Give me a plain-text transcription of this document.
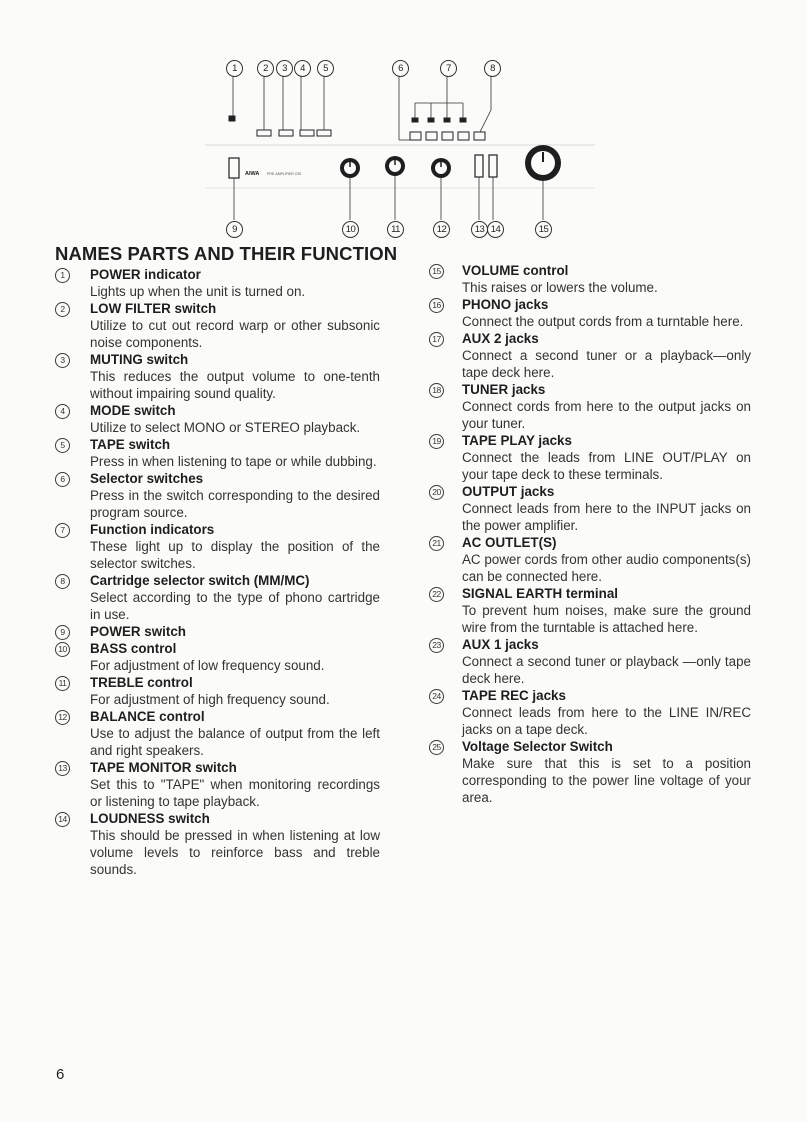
AIWA PRE-AMPLIFIER C50
1	2	3	4	5	6	7	8
9	10	11	12	13 14	15
NAMES PARTS AND THEIR FUNCTION
1	POWER indicator
Lights up when the unit is turned on.
2	LOW FILTER switch
Utilize to cut out record warp or other subsonic noise components.
3	MUTING switch
This reduces the output volume to one-tenth without impairing sound quality.
4	MODE switch
Utilize to select MONO or STEREO playback.
5	TAPE switch
Press in when listening to tape or while dubbing.
6	Selector switches
Press in the switch corresponding to the desired program source.
7	Function indicators
These light up to display the position of the selector switches.
8	Cartridge selector switch (MM/MC)
Select according to the type of phono cartridge in use.
9	POWER switch
10 BASS control
For adjustment of low frequency sound.
11 TREBLE control
For adjustment of high frequency sound.
12 BALANCE control
Use to adjust the balance of output from the left and right speakers.
13 TAPE MONITOR switch
Set this to "TAPE" when monitoring recordings or listening to tape playback.
14 LOUDNESS switch
This should be pressed in when listening at low volume levels to reinforce bass and treble sounds.
15 VOLUME control
This raises or lowers the volume.
16 PHONO jacks
Connect the output cords from a turntable here.
17 AUX 2 jacks
Connect a second tuner or a playback—only tape deck here.
18 TUNER jacks
Connect cords from here to the output jacks on your tuner.
19 TAPE PLAY jacks
Connect the leads from LINE OUT/PLAY on your tape deck to these terminals.
20 OUTPUT jacks
Connect leads from here to the INPUT jacks on the power amplifier.
21 AC OUTLET(S)
AC power cords from other audio components(s) can be connected here.
22 SIGNAL EARTH terminal
To prevent hum noises, make sure the ground wire from the turntable is attached here.
23 AUX 1 jacks
Connect a second tuner or playback —only tape deck here.
24 TAPE REC jacks
Connect leads from here to the LINE IN/REC jacks on a tape deck.
25 Voltage Selector Switch
Make sure that this is set to a position corresponding to the power line voltage of your area.
6
